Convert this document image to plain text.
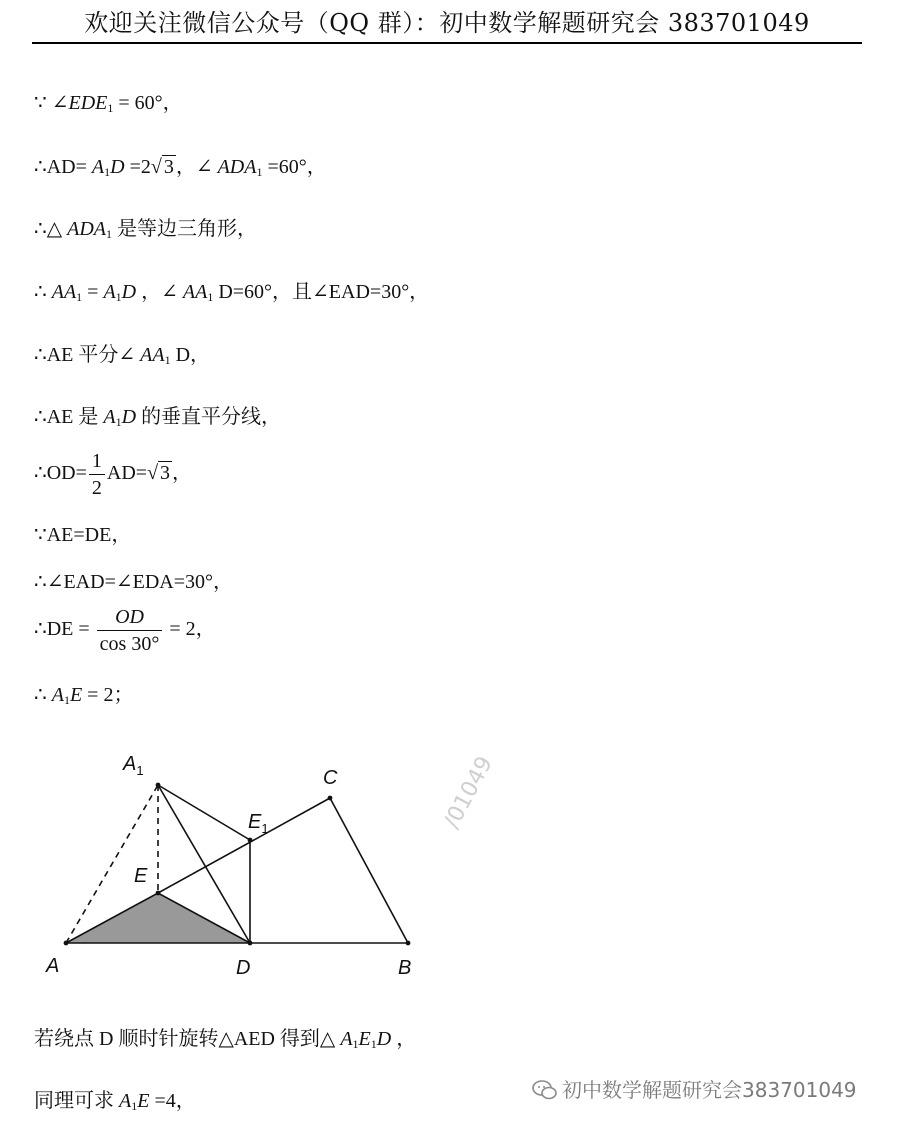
欢迎关注微信公众号（QQ 群）：初中数学解题研究会 383701049
∵ $\angle EDE_1 = 60^\circ$，
∴AD= $A_1D =2√$ 3 ，∠ $ADA_1 =60^\circ$，
∴△ $ADA_1$ 是等边三角形，
∴ $AA_1 = A_1D$ ，∠ $AA_1$ D=60°，且∠EAD=30°，
∴AE 平分∠ $AA_1$ D，
∴AE 是 $A_1D$ 的垂直平分线，
∴OD= $\frac{1}{2} AD=√$ 3 ，
∵AE=DE，
∴∠EAD=∠EDA=30°，
∴DE = $\frac{OD}{\cos 30^\circ} = 2$，
∴ $A_1E = 2$；
/01049
$A_1$	C
$E_1$
E
A	D	B
若绕点 D 顺时针旋转△AED 得到△ $A_1E_1D$ ，
同理可求 $A_1E =4$，	初中数学解题研究会383701049
